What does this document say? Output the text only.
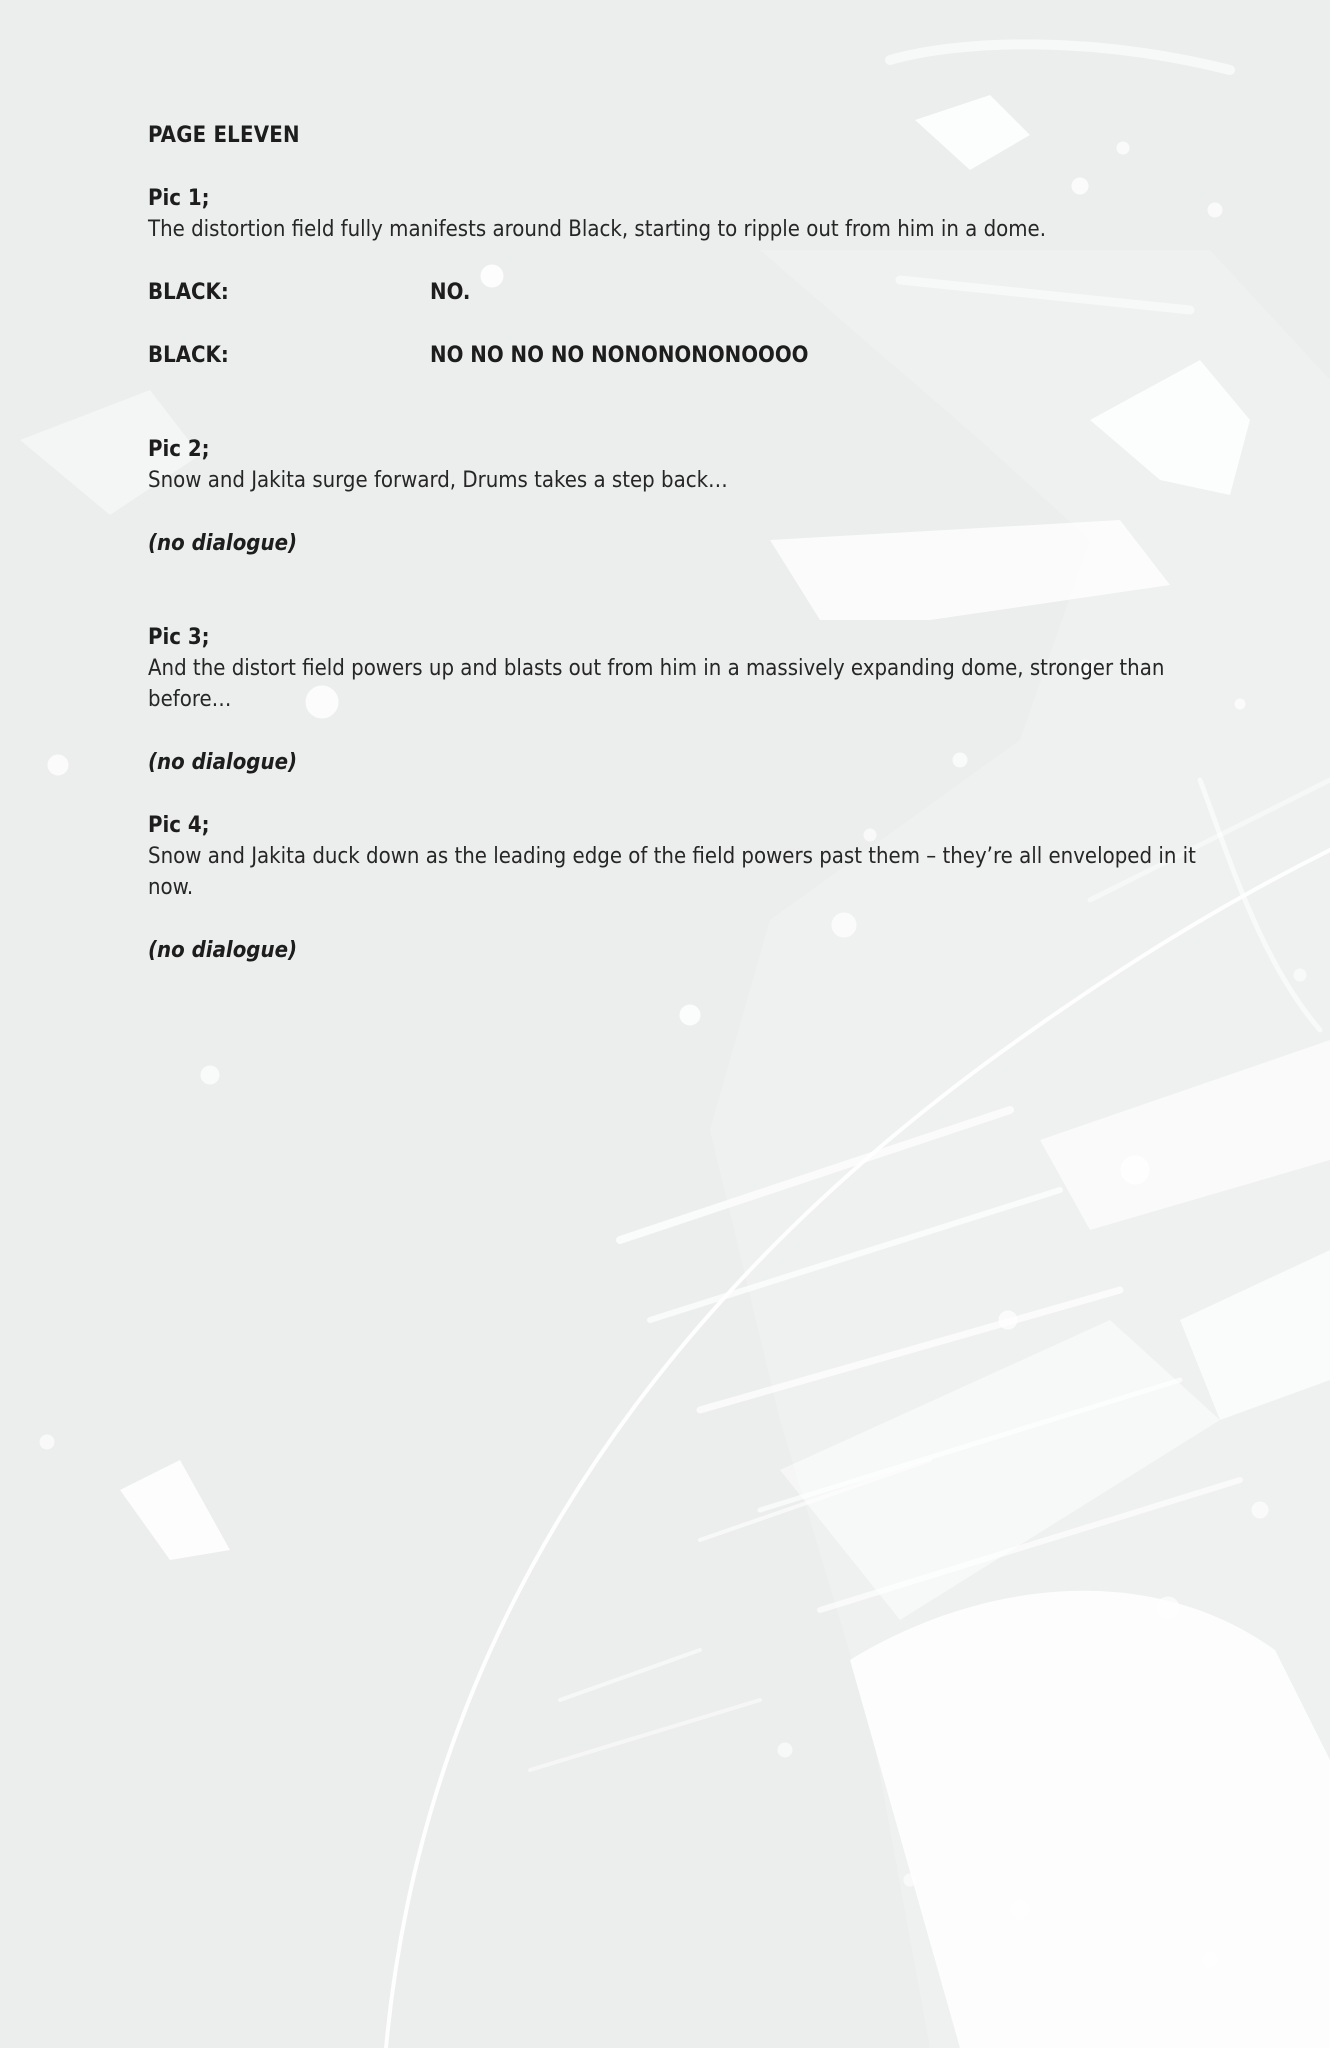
PAGE ELEVEN
Pic 1;
The distortion field fully manifests around Black, starting to ripple out from him in a dome.
BLACK:	NO.
BLACK:	NO NO NO NO NONONONONOOOO
Pic 2;
Snow and Jakita surge forward, Drums takes a step back…
(no dialogue)
Pic 3;
And the distort field powers up and blasts out from him in a massively expanding dome, stronger than before…
(no dialogue)
Pic 4;
Snow and Jakita duck down as the leading edge of the field powers past them – they’re all enveloped in it now.
(no dialogue)
